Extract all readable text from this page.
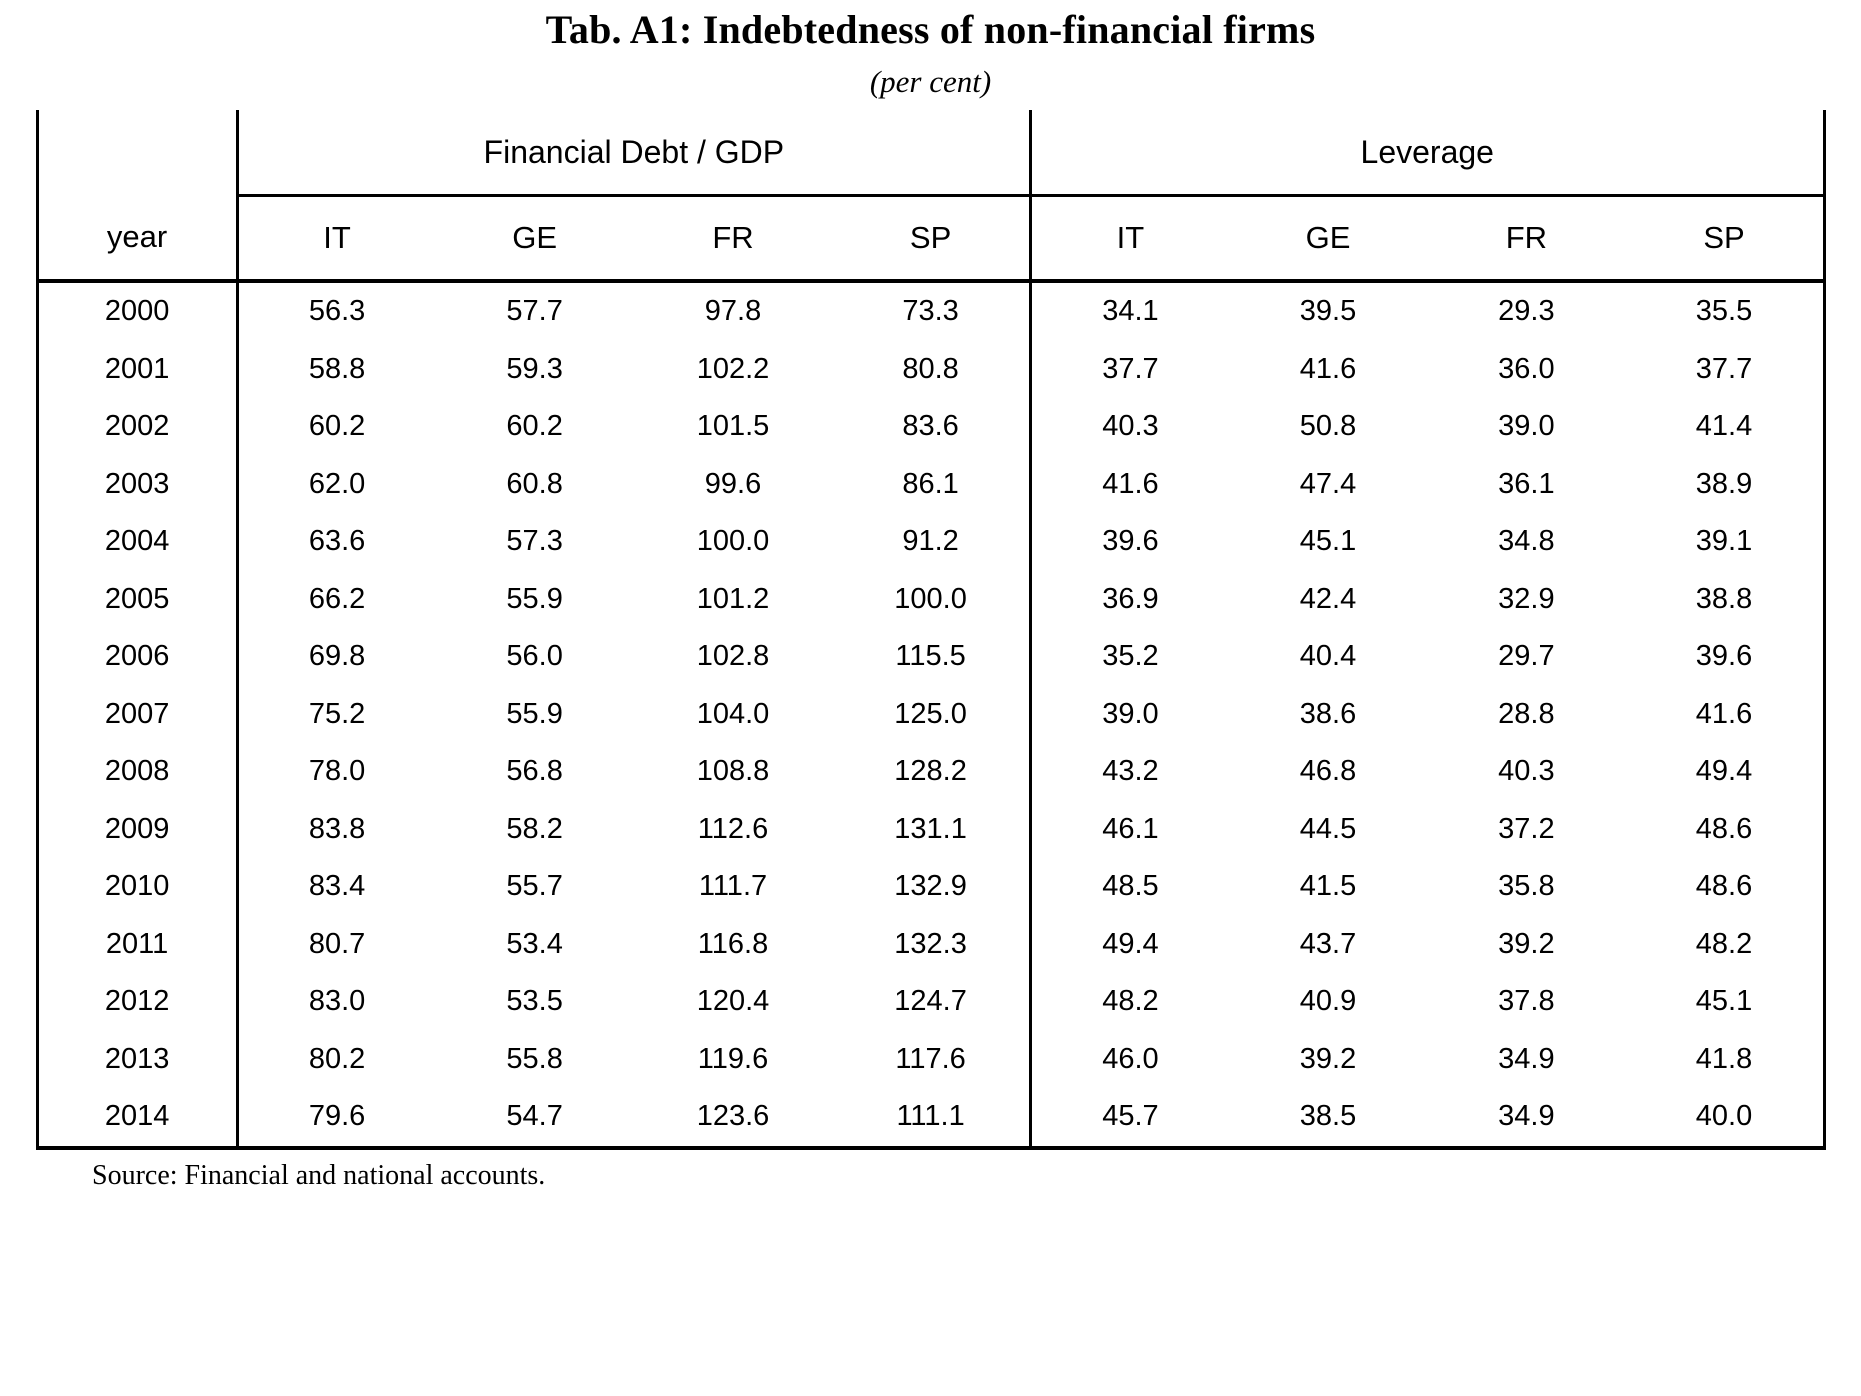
Tab. A1: Indebtedness of non-financial firms
(per cent)
	Financial Debt / GDP				Leverage			
year	IT	GE	FR	SP	IT	GE	FR	SP
2000	56.3	57.7	97.8	73.3	34.1	39.5	29.3	35.5
2001	58.8	59.3	102.2	80.8	37.7	41.6	36.0	37.7
2002	60.2	60.2	101.5	83.6	40.3	50.8	39.0	41.4
2003	62.0	60.8	99.6	86.1	41.6	47.4	36.1	38.9
2004	63.6	57.3	100.0	91.2	39.6	45.1	34.8	39.1
2005	66.2	55.9	101.2	100.0	36.9	42.4	32.9	38.8
2006	69.8	56.0	102.8	115.5	35.2	40.4	29.7	39.6
2007	75.2	55.9	104.0	125.0	39.0	38.6	28.8	41.6
2008	78.0	56.8	108.8	128.2	43.2	46.8	40.3	49.4
2009	83.8	58.2	112.6	131.1	46.1	44.5	37.2	48.6
2010	83.4	55.7	111.7	132.9	48.5	41.5	35.8	48.6
2011	80.7	53.4	116.8	132.3	49.4	43.7	39.2	48.2
2012	83.0	53.5	120.4	124.7	48.2	40.9	37.8	45.1
2013	80.2	55.8	119.6	117.6	46.0	39.2	34.9	41.8
2014	79.6	54.7	123.6	111.1	45.7	38.5	34.9	40.0
Source: Financial and national accounts.
